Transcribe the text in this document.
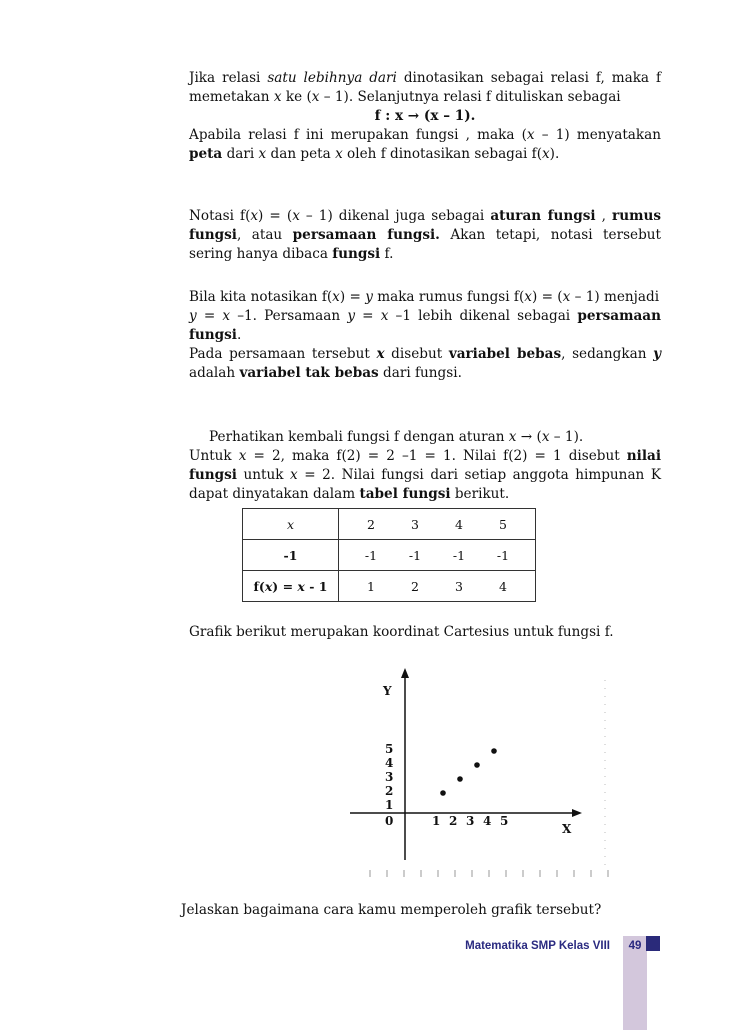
Jika relasi satu lebihnya dari dinotasikan sebagai relasi f, maka f memetakan x ke (x – 1). Selanjutnya relasi f dituliskan sebagai

f : x → (x – 1).

Apabila relasi f ini merupakan fungsi , maka (x – 1) menyatakan peta dari x dan peta x oleh f dinotasikan sebagai f(x).

Notasi f(x) = (x – 1) dikenal juga sebagai aturan fungsi , rumus fungsi, atau persamaan fungsi. Akan tetapi, notasi tersebut sering hanya dibaca fungsi f.

Bila kita notasikan f(x) = y maka rumus fungsi f(x) = (x – 1) menjadi

y = x –1. Persamaan y = x –1 lebih dikenal sebagai persamaan fungsi.

Pada persamaan tersebut x disebut variabel bebas, sedangkan y adalah variabel tak bebas dari fungsi.

Perhatikan kembali fungsi f dengan aturan x → (x – 1).

Untuk x = 2, maka f(2) = 2 –1 = 1. Nilai f(2) = 1 disebut nilai fungsi untuk x = 2. Nilai fungsi dari setiap anggota himpunan K dapat dinyatakan dalam tabel fungsi berikut.

x	2 3 4 5
-1	-1 -1 -1 -1
f(x) = x - 1	1 2 3 4

Grafik berikut merupakan koordinat Cartesius untuk fungsi f.

Y
X
0
1
2
3
4
5
1 2 3 4 5

Jelaskan bagaimana cara kamu memperoleh grafik tersebut?

Matematika SMP Kelas VIII	49
